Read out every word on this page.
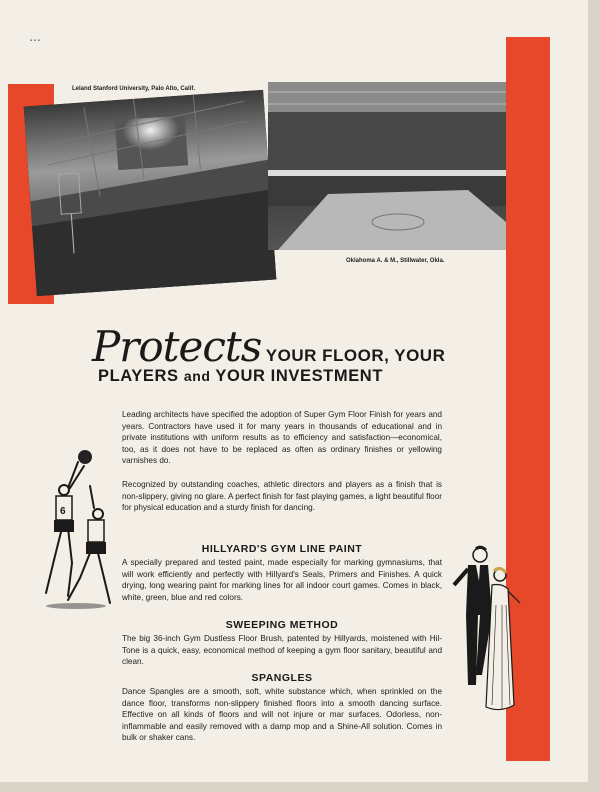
▪ ▪ ▪
Leland Stanford University, Palo Alto, Calif.
Oklahoma A. & M., Stillwater, Okla.
Protects YOUR FLOOR, YOUR
PLAYERS and YOUR INVESTMENT
Leading architects have specified the adoption of Super Gym Floor Finish for years and years. Contractors have used it for many years in thousands of educational and in private institutions with uniform results as to efficiency and satisfaction—economical, too, as it does not have to be replaced as often as ordinary finishes or yellowing varnishes do.
Recognized by outstanding coaches, athletic directors and players as a finish that is non-slippery, giving no glare. A perfect finish for fast playing games, a light beautiful floor for physical education and a sturdy finish for dancing.
HILLYARD'S GYM LINE PAINT
A specially prepared and tested paint, made especially for marking gymnasiums, that will work efficiently and perfectly with Hillyard's Seals, Primers and Finishes. A quick drying, long wearing paint for marking lines for all indoor court games. Comes in black, white, green, blue and red colors.
SWEEPING METHOD
The big 36-inch Gym Dustless Floor Brush, patented by Hillyards, moistened with Hil-Tone is a quick, easy, economical method of keeping a gym floor sanitary, beautiful and clean.
SPANGLES
Dance Spangles are a smooth, soft, white substance which, when sprinkled on the dance floor, transforms non-slippery finished floors into a smooth dancing surface. Effective on all kinds of floors and will not injure or mar surfaces. Odorless, non-inflammable and easily removed with a damp mop and a Shine-All solution. Comes in bulk or shaker cans.
6
